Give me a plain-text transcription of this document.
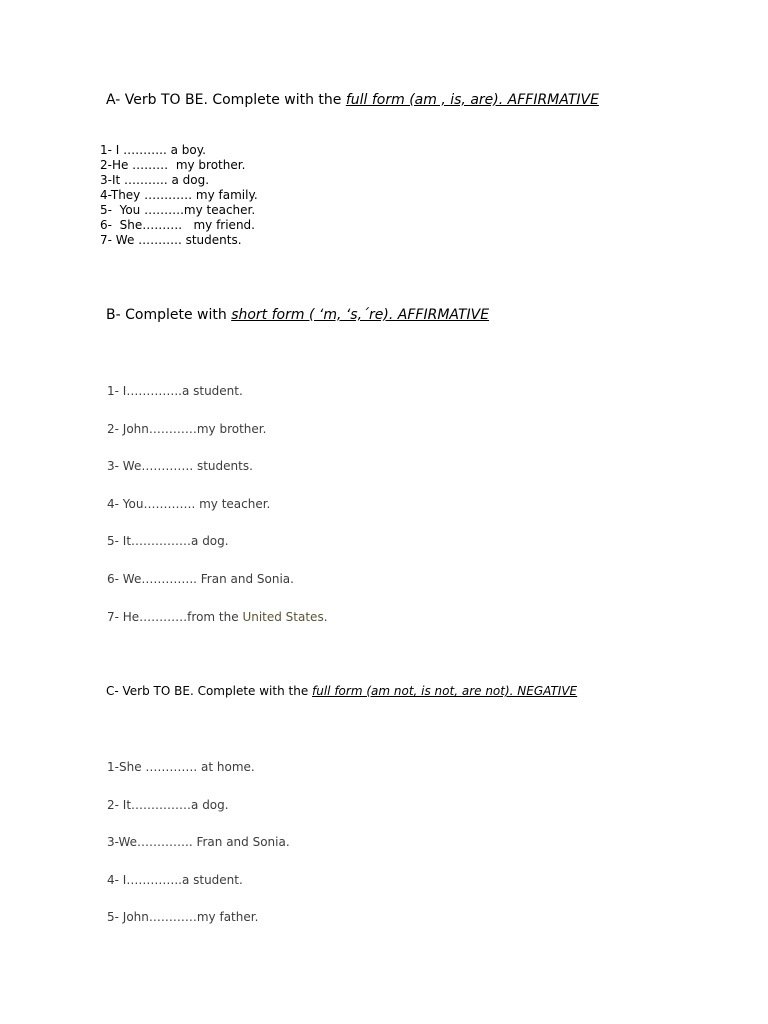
A- Verb TO BE. Complete with the full form (am , is, are). AFFIRMATIVE
1- I ……….. a boy.
2-He ………  my brother.
3-It ……….. a dog.
4-They ………… my family.
5-  You ……….my teacher.
6-  She……….   my friend.
7- We ……….. students.
B- Complete with short form ( ‘m, ‘s,´re). AFFIRMATIVE
1- I…………..a student.
2- John…………my brother.
3- We…………. students.
4- You…………. my teacher.
5- It……………a dog.
6- We………….. Fran and Sonia.
7- He…………from the United States.
C- Verb TO BE. Complete with the full form (am not, is not, are not). NEGATIVE
1-She …………. at home.
2- It……………a dog.
3-We………….. Fran and Sonia.
4- I…………..a student.
5- John…………my father.
